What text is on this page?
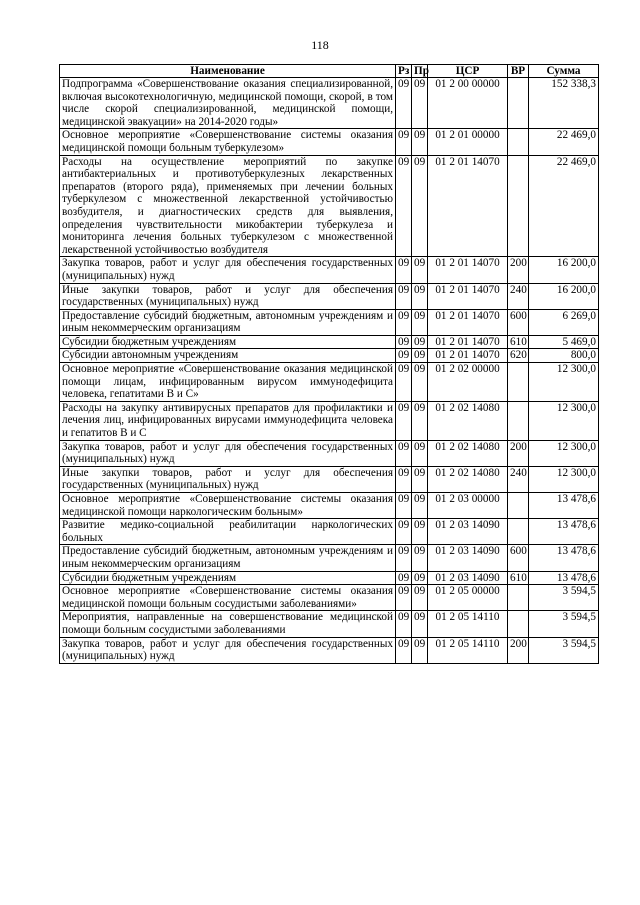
118
Наименование	Рз	Пр	ЦСР	ВР	Сумма
Подпрограмма «Совершенствование оказания специализированной, включая высокотехнологичную, медицинской помощи, скорой, в том числе скорой специализированной, медицинской помощи, медицинской эвакуации» на 2014-2020 годы»	09	09	01 2 00 00000		152 338,3
Основное мероприятие «Совершенствование системы оказания медицинской помощи больным туберкулезом»	09	09	01 2 01 00000		22 469,0
Расходы на осуществление мероприятий по закупке антибактериальных и противотуберкулезных лекарственных препаратов (второго ряда), применяемых при лечении больных туберкулезом с множественной лекарственной устойчивостью возбудителя, и диагностических средств для выявления, определения чувствительности микобактерии туберкулеза и мониторинга лечения больных туберкулезом с множественной лекарственной устойчивостью возбудителя	09	09	01 2 01 14070		22 469,0
Закупка товаров, работ и услуг для обеспечения государственных (муниципальных) нужд	09	09	01 2 01 14070	200	16 200,0
Иные закупки товаров, работ и услуг для обеспечения государственных (муниципальных) нужд	09	09	01 2 01 14070	240	16 200,0
Предоставление субсидий бюджетным, автономным учреждениям и иным некоммерческим организациям	09	09	01 2 01 14070	600	6 269,0
Субсидии бюджетным учреждениям	09	09	01 2 01 14070	610	5 469,0
Субсидии автономным учреждениям	09	09	01 2 01 14070	620	800,0
Основное мероприятие «Совершенствование оказания медицинской помощи лицам, инфицированным вирусом иммунодефицита человека, гепатитами В и С»	09	09	01 2 02 00000		12 300,0
Расходы на закупку антивирусных препаратов для профилактики и лечения лиц, инфицированных вирусами иммунодефицита человека и гепатитов В и С	09	09	01 2 02 14080		12 300,0
Закупка товаров, работ и услуг для обеспечения государственных (муниципальных) нужд	09	09	01 2 02 14080	200	12 300,0
Иные закупки товаров, работ и услуг для обеспечения государственных (муниципальных) нужд	09	09	01 2 02 14080	240	12 300,0
Основное мероприятие «Совершенствование системы оказания медицинской помощи наркологическим больным»	09	09	01 2 03 00000		13 478,6
Развитие медико-социальной реабилитации наркологических больных	09	09	01 2 03 14090		13 478,6
Предоставление субсидий бюджетным, автономным учреждениям и иным некоммерческим организациям	09	09	01 2 03 14090	600	13 478,6
Субсидии бюджетным учреждениям	09	09	01 2 03 14090	610	13 478,6
Основное мероприятие «Совершенствование системы оказания медицинской помощи больным сосудистыми заболеваниями»	09	09	01 2 05 00000		3 594,5
Мероприятия, направленные на совершенствование медицинской помощи больным сосудистыми заболеваниями	09	09	01 2 05 14110		3 594,5
Закупка товаров, работ и услуг для обеспечения государственных (муниципальных) нужд	09	09	01 2 05 14110	200	3 594,5
